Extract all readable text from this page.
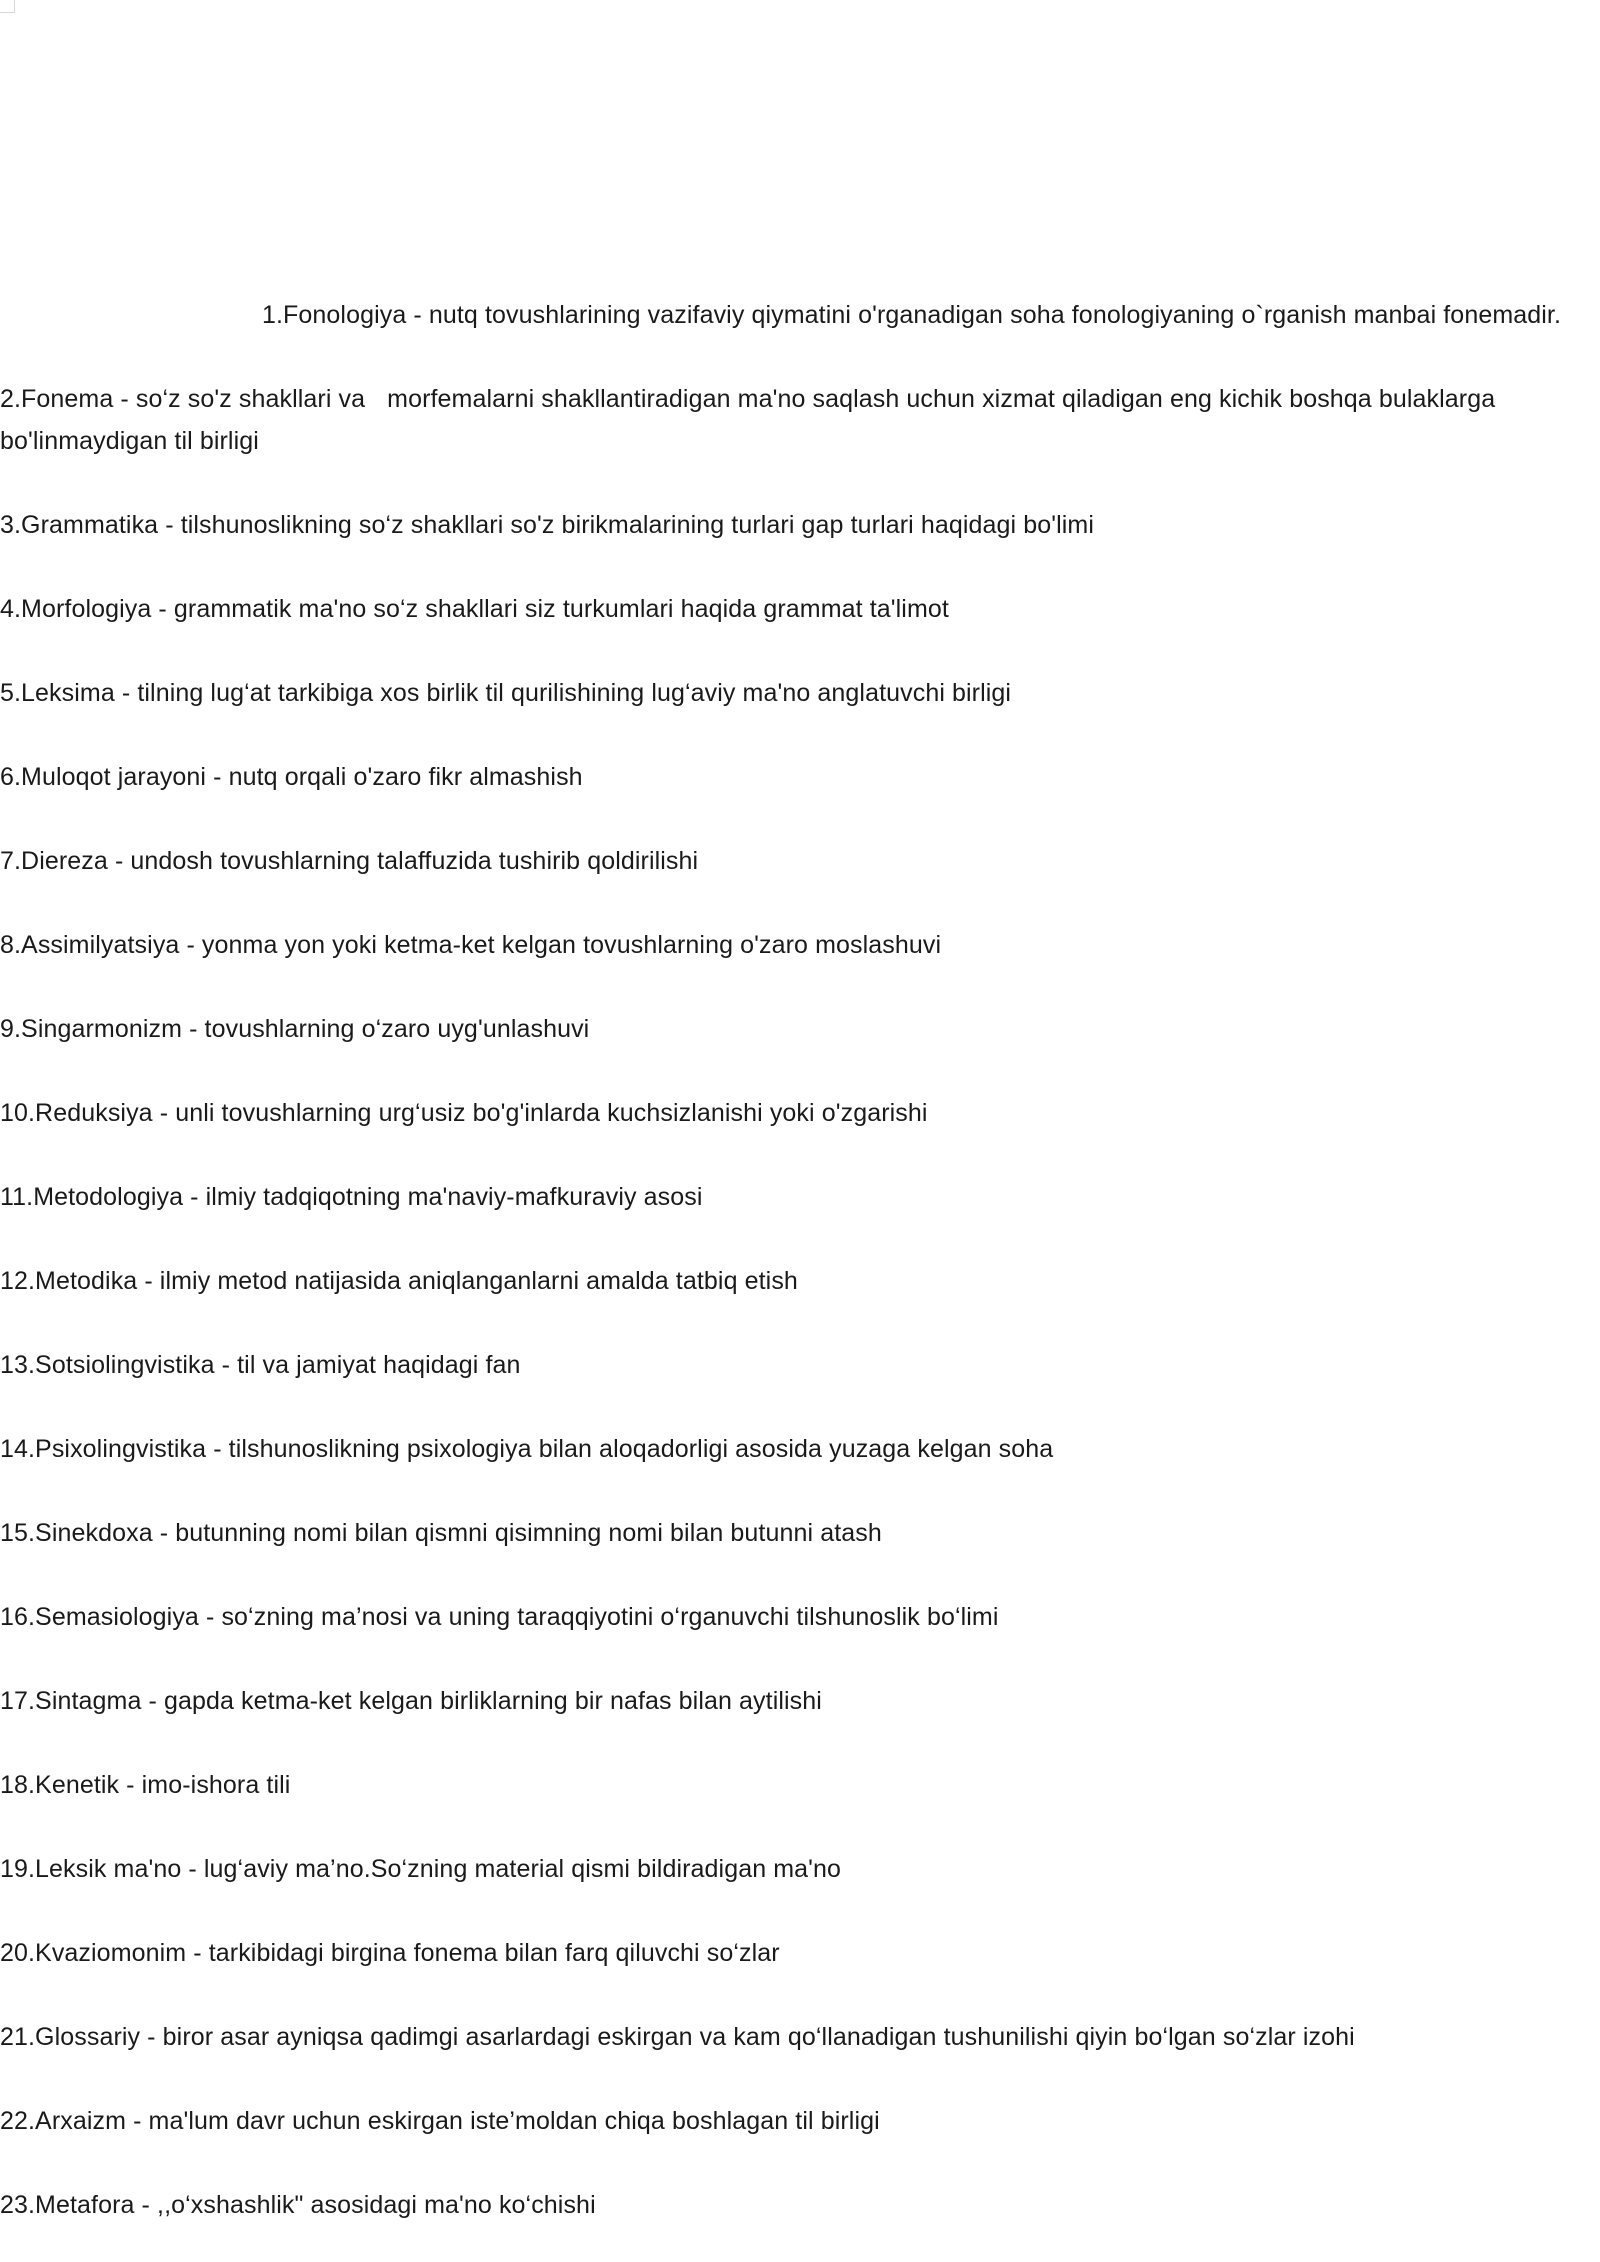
1.Fonologiya - nutq tovushlarining vazifaviy qiymatini o'rganadigan soha fonologiyaning o`rganish manbai fonemadir.
2.Fonema - so‘z so'z shakllari va morfemalarni shakllantiradigan ma'no saqlash uchun xizmat qiladigan eng kichik boshqa bulaklarga
bo'linmaydigan til birligi
3.Grammatika - tilshunoslikning so‘z shakllari so'z birikmalarining turlari gap turlari haqidagi bo'limi
4.Morfologiya - grammatik ma'no so‘z shakllari siz turkumlari haqida grammat ta'limot
5.Leksima - tilning lug‘at tarkibiga xos birlik til qurilishining lug‘aviy ma'no anglatuvchi birligi
6.Muloqot jarayoni - nutq orqali o'zaro fikr almashish
7.Diereza - undosh tovushlarning talaffuzida tushirib qoldirilishi
8.Assimilyatsiya - yonma yon yoki ketma-ket kelgan tovushlarning o'zaro moslashuvi
9.Singarmonizm - tovushlarning o‘zaro uyg'unlashuvi
10.Reduksiya - unli tovushlarning urg‘usiz bo'g'inlarda kuchsizlanishi yoki o'zgarishi
11.Metodologiya - ilmiy tadqiqotning ma'naviy-mafkuraviy asosi
12.Metodika - ilmiy metod natijasida aniqlanganlarni amalda tatbiq etish
13.Sotsiolingvistika - til va jamiyat haqidagi fan
14.Psixolingvistika - tilshunoslikning psixologiya bilan aloqadorligi asosida yuzaga kelgan soha
15.Sinekdoxa - butunning nomi bilan qismni qisimning nomi bilan butunni atash
16.Semasiologiya - so‘zning ma’nosi va uning taraqqiyotini o‘rganuvchi tilshunoslik bo‘limi
17.Sintagma - gapda ketma-ket kelgan birliklarning bir nafas bilan aytilishi
18.Kenetik - imo-ishora tili
19.Leksik ma'no - lug‘aviy ma’no.So‘zning material qismi bildiradigan ma'no
20.Kvaziomonim - tarkibidagi birgina fonema bilan farq qiluvchi so‘zlar
21.Glossariy - biror asar ayniqsa qadimgi asarlardagi eskirgan va kam qo‘llanadigan tushunilishi qiyin bo‘lgan so‘zlar izohi
22.Arxaizm - ma'lum davr uchun eskirgan iste’moldan chiqa boshlagan til birligi
23.Metafora - ,,o‘xshashlik" asosidagi ma'no ko‘chishi
